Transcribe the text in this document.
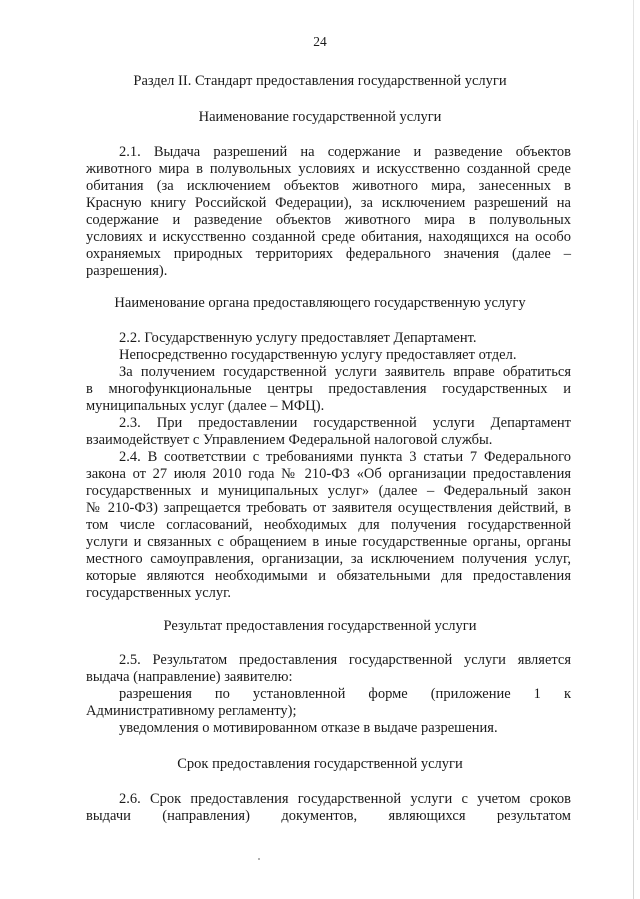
24
Раздел II. Стандарт предоставления государственной услуги
Наименование государственной услуги
2.1. Выдача разрешений на содержание и разведение объектов
животного мира в полувольных условиях и искусственно созданной среде
обитания (за исключением объектов животного мира, занесенных в
Красную книгу Российской Федерации), за исключением разрешений на
содержание и разведение объектов животного мира в полувольных
условиях и искусственно созданной среде обитания, находящихся на особо
охраняемых природных территориях федерального значения (далее –
разрешения).
Наименование органа предоставляющего государственную услугу
2.2. Государственную услугу предоставляет Департамент.
Непосредственно государственную услугу предоставляет отдел.
За получением государственной услуги заявитель вправе обратиться
в многофункциональные центры предоставления государственных и
муниципальных услуг (далее – МФЦ).
2.3. При предоставлении государственной услуги Департамент
взаимодействует с Управлением Федеральной налоговой службы.
2.4. В соответствии с требованиями пункта 3 статьи 7 Федерального
закона от 27 июля 2010 года № 210-ФЗ «Об организации предоставления
государственных и муниципальных услуг» (далее – Федеральный закон
№ 210-ФЗ) запрещается требовать от заявителя осуществления действий, в
том числе согласований, необходимых для получения государственной
услуги и связанных с обращением в иные государственные органы, органы
местного самоуправления, организации, за исключением получения услуг,
которые являются необходимыми и обязательными для предоставления
государственных услуг.
Результат предоставления государственной услуги
2.5. Результатом предоставления государственной услуги является
выдача (направление) заявителю:
разрешения по установленной форме (приложение 1 к
Административному регламенту);
уведомления о мотивированном отказе в выдаче разрешения.
Срок предоставления государственной услуги
2.6. Срок предоставления государственной услуги с учетом сроков
выдачи (направления) документов, являющихся результатом
